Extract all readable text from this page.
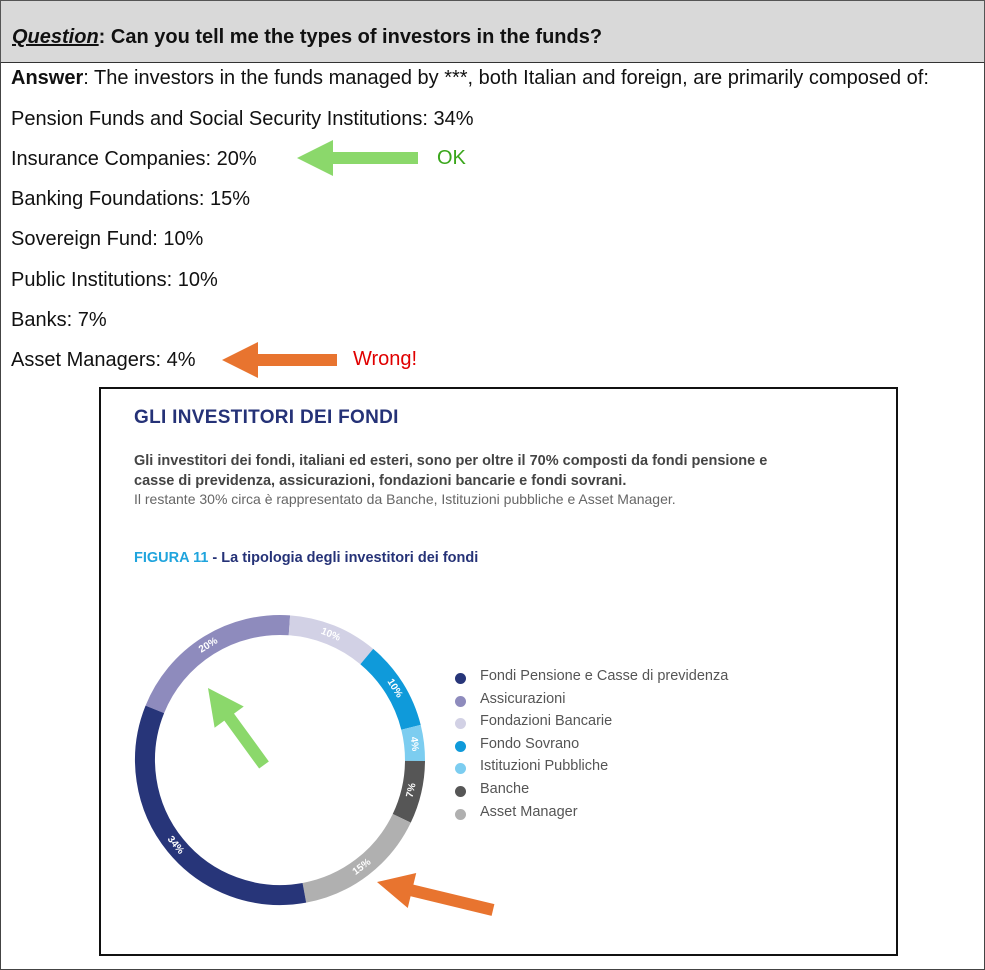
Question: Can you tell me the types of investors in the funds?
Answer: The investors in the funds managed by ***, both Italian and foreign, are primarily composed of:
Pension Funds and Social Security Institutions: 34%
Insurance Companies: 20%
Banking Foundations: 15%
Sovereign Fund: 10%
Public Institutions: 10%
Banks: 7%
Asset Managers: 4%
OK
Wrong!
GLI INVESTITORI DEI FONDI
Gli investitori dei fondi, italiani ed esteri, sono per oltre il 70% composti da fondi pensione e casse di previdenza, assicurazioni, fondazioni bancarie e fondi sovrani.
Il restante 30% circa è rappresentato da Banche, Istituzioni pubbliche e Asset Manager.
FIGURA 11 - La tipologia degli investitori dei fondi
Fondi Pensione e Casse di previdenza
Assicurazioni
Fondazioni Bancarie
Fondo Sovrano
Istituzioni Pubbliche
Banche
Asset Manager
20%
10%
10%
4%
7%
15%
34%
